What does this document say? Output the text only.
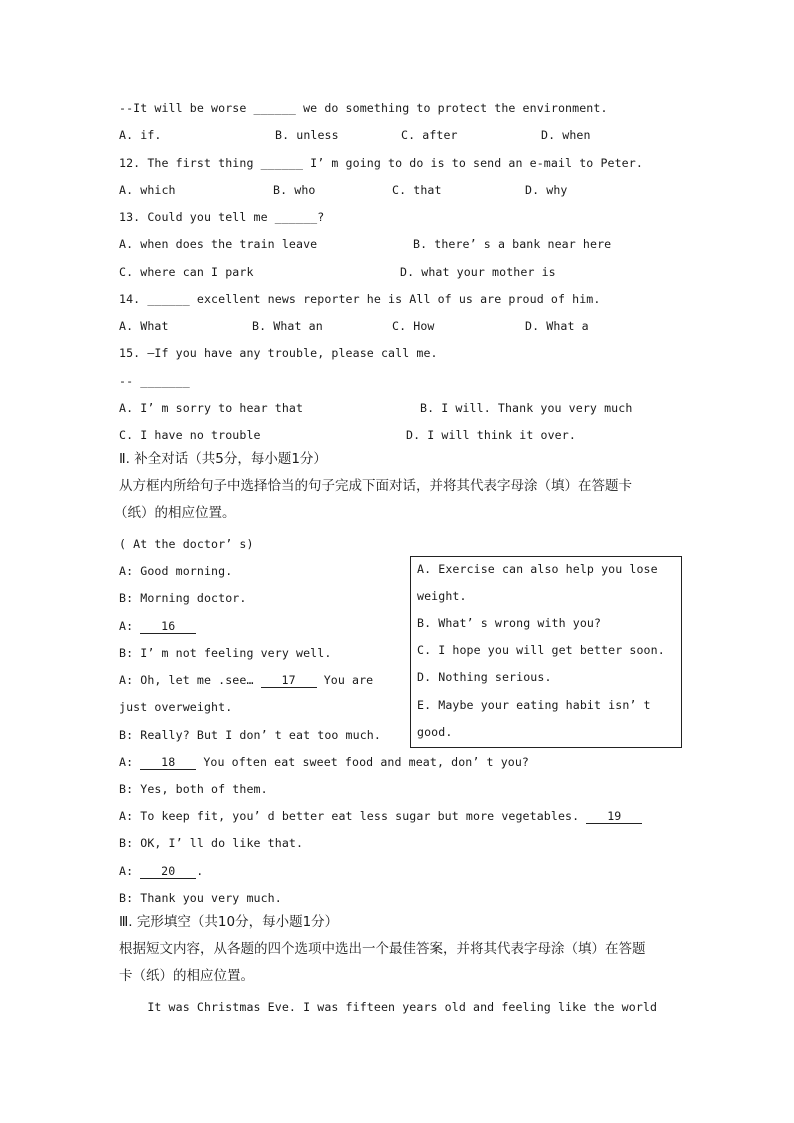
--It will be worse ______ we do something to protect the environment.
A. if.	B. unless	C. after	D. when
12. The first thing ______ I’ m going to do is to send an e-mail to Peter.
A. which	B. who	C. that	D. why
13. Could you tell me ______?
A. when does the train leave	B. there’ s a bank near here
C. where can I park	D. what your mother is
14. ______ excellent news reporter he is All of us are proud of him.
A. What	B. What an	C. How	D. What a
15. –If you have any trouble, please call me.
-- _______
A. I’ m sorry to hear that	B. I will. Thank you very much
C. I have no trouble	D. I will think it over.
Ⅱ. 补全对话（共5分，每小题1分）
从方框内所给句子中选择恰当的句子完成下面对话，并将其代表字母涂（填）在答题卡
（纸）的相应位置。
( At the doctor’ s)
A: Good morning.
B: Morning doctor.
A: 16
B: I’ m not feeling very well.
A: Oh, let me .see… 17 You are
just overweight.
B: Really? But I don’ t eat too much.
A: 18 You often eat sweet food and meat, don’ t you?
B: Yes, both of them.
A: To keep fit, you’ d better eat less sugar but more vegetables. 19
B: OK, I’ ll do like that.
A: 20 .
B: Thank you very much.
A. Exercise can also help you lose
weight.
B. What’ s wrong with you?
C. I hope you will get better soon.
D. Nothing serious.
E. Maybe your eating habit isn’ t
good.
Ⅲ. 完形填空（共10分，每小题1分）
根据短文内容，从各题的四个选项中选出一个最佳答案，并将其代表字母涂（填）在答题
卡（纸）的相应位置。
It was Christmas Eve. I was fifteen years old and feeling like the world
